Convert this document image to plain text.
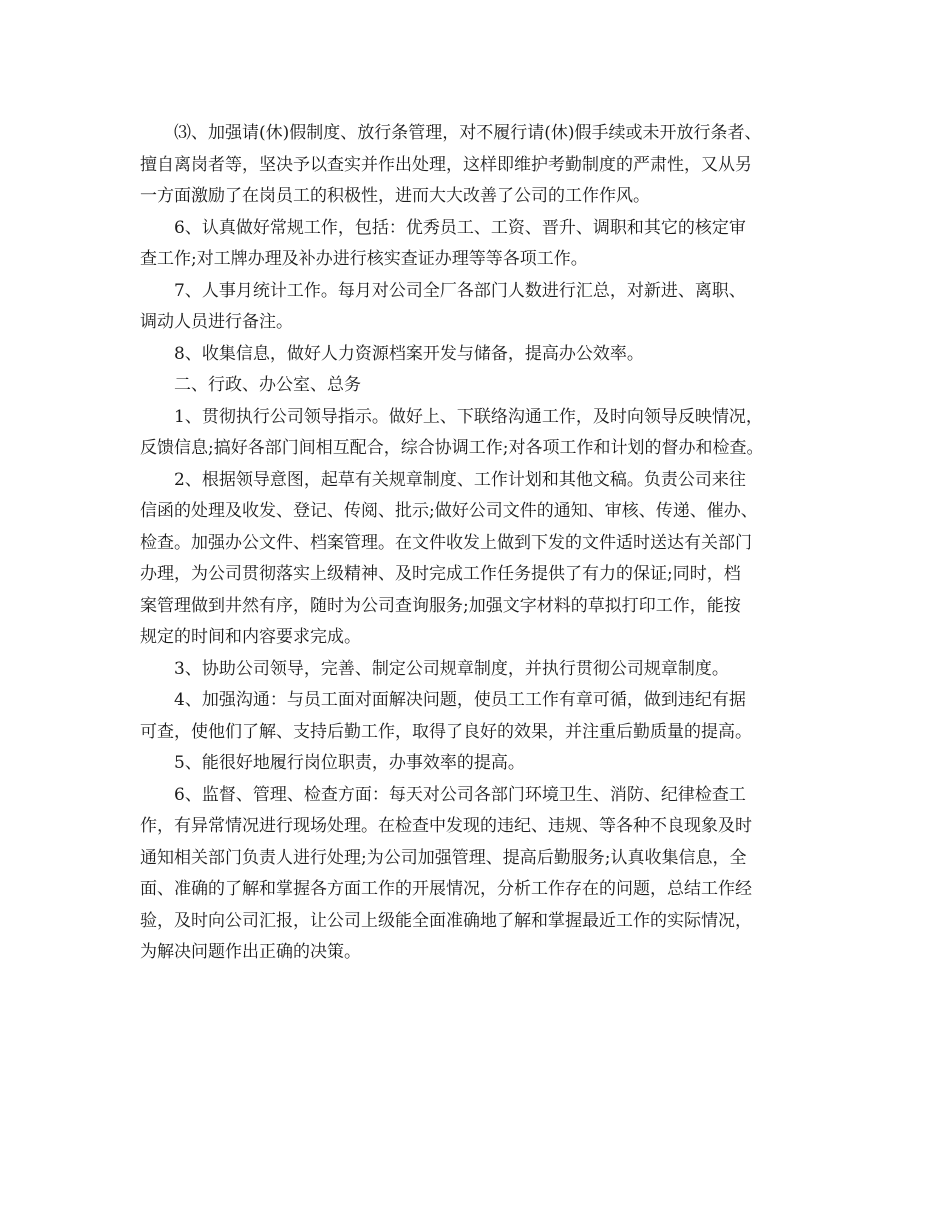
⑶、加强请(休)假制度、放行条管理，对不履行请(休)假手续或未开放行条者、
擅自离岗者等，坚决予以查实并作出处理，这样即维护考勤制度的严肃性，又从另
一方面激励了在岗员工的积极性，进而大大改善了公司的工作作风。
6、认真做好常规工作，包括：优秀员工、工资、晋升、调职和其它的核定审
查工作;对工牌办理及补办进行核实查证办理等等各项工作。
7、人事月统计工作。每月对公司全厂各部门人数进行汇总，对新进、离职、
调动人员进行备注。
8、收集信息，做好人力资源档案开发与储备，提高办公效率。
二、行政、办公室、总务
1、贯彻执行公司领导指示。做好上、下联络沟通工作，及时向领导反映情况，
反馈信息;搞好各部门间相互配合，综合协调工作;对各项工作和计划的督办和检查。
2、根据领导意图，起草有关规章制度、工作计划和其他文稿。负责公司来往
信函的处理及收发、登记、传阅、批示;做好公司文件的通知、审核、传递、催办、
检查。加强办公文件、档案管理。在文件收发上做到下发的文件适时送达有关部门
办理，为公司贯彻落实上级精神、及时完成工作任务提供了有力的保证;同时，档
案管理做到井然有序，随时为公司查询服务;加强文字材料的草拟打印工作，能按
规定的时间和内容要求完成。
3、协助公司领导，完善、制定公司规章制度，并执行贯彻公司规章制度。
4、加强沟通：与员工面对面解决问题，使员工工作有章可循，做到违纪有据
可查，使他们了解、支持后勤工作，取得了良好的效果，并注重后勤质量的提高。
5、能很好地履行岗位职责，办事效率的提高。
6、监督、管理、检查方面：每天对公司各部门环境卫生、消防、纪律检查工
作，有异常情况进行现场处理。在检查中发现的违纪、违规、等各种不良现象及时
通知相关部门负责人进行处理;为公司加强管理、提高后勤服务;认真收集信息，全
面、准确的了解和掌握各方面工作的开展情况，分析工作存在的问题，总结工作经
验，及时向公司汇报，让公司上级能全面准确地了解和掌握最近工作的实际情况，
为解决问题作出正确的决策。
